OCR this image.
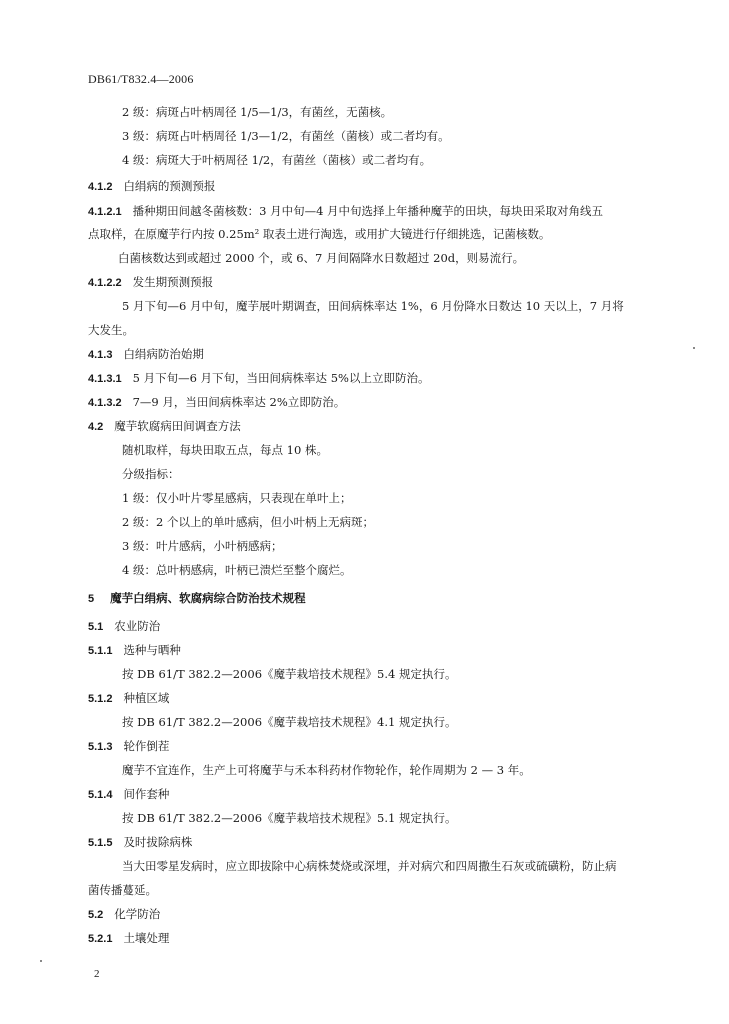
DB61/T832.4—2006
2 级：病斑占叶柄周径 1/5—1/3，有菌丝，无菌核。
3 级：病斑占叶柄周径 1/3—1/2，有菌丝（菌核）或二者均有。
4 级：病斑大于叶柄周径 1/2，有菌丝（菌核）或二者均有。
4.1.2 白绢病的预测预报
4.1.2.1 播种期田间越冬菌核数：3 月中旬—4 月中旬选择上年播种魔芋的田块，每块田采取对角线五
点取样，在原魔芋行内按 0.25m² 取表土进行淘选，或用扩大镜进行仔细挑选，记菌核数。
白菌核数达到或超过 2000 个，或 6、7 月间隔降水日数超过 20d，则易流行。
4.1.2.2 发生期预测预报
5 月下旬—6 月中旬，魔芋展叶期调查，田间病株率达 1%，6 月份降水日数达 10 天以上，7 月将
大发生。
4.1.3 白绢病防治始期
4.1.3.1 5 月下旬—6 月下旬，当田间病株率达 5%以上立即防治。
4.1.3.2 7—9 月，当田间病株率达 2%立即防治。
4.2 魔芋软腐病田间调查方法
随机取样，每块田取五点，每点 10 株。
分级指标：
1 级：仅小叶片零星感病，只表现在单叶上；
2 级：2 个以上的单叶感病，但小叶柄上无病斑；
3 级：叶片感病，小叶柄感病；
4 级：总叶柄感病，叶柄已溃烂至整个腐烂。
5 魔芋白绢病、软腐病综合防治技术规程
5.1 农业防治
5.1.1 选种与晒种
按 DB 61/T 382.2—2006《魔芋栽培技术规程》5.4 规定执行。
5.1.2 种植区域
按 DB 61/T 382.2—2006《魔芋栽培技术规程》4.1 规定执行。
5.1.3 轮作倒茬
魔芋不宜连作，生产上可将魔芋与禾本科药材作物轮作，轮作周期为 2 — 3 年。
5.1.4 间作套种
按 DB 61/T 382.2—2006《魔芋栽培技术规程》5.1 规定执行。
5.1.5 及时拔除病株
当大田零星发病时，应立即拔除中心病株焚烧或深埋，并对病穴和四周撒生石灰或硫磺粉，防止病
菌传播蔓延。
5.2 化学防治
5.2.1 土壤处理
2
